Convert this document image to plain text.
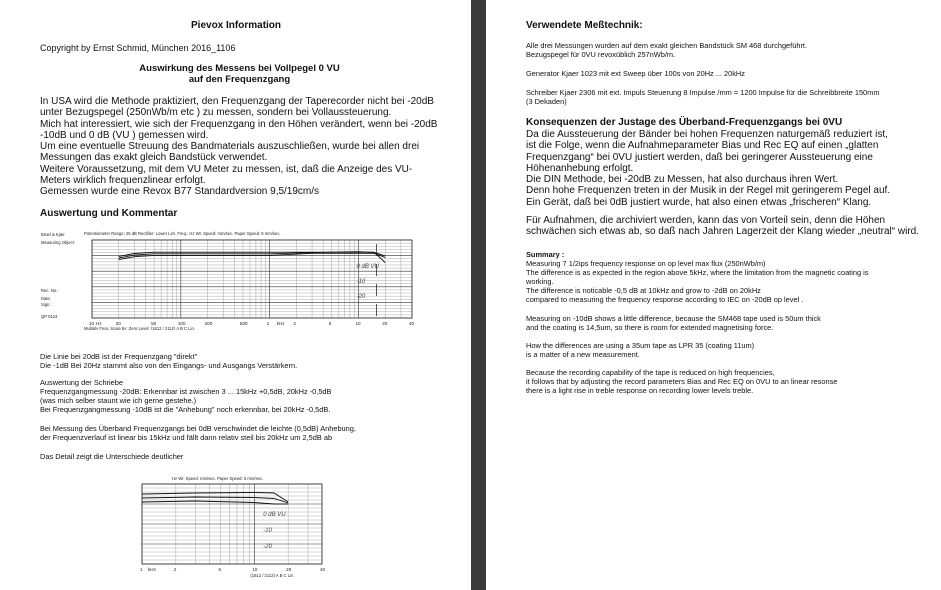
Pievox Information
Copyright by Ernst Schmid, München 2016_1106
Auswirkung des Messens bei Vollpegel 0 VU
auf den Frequenzgang
In USA wird die Methode praktiziert, den Frequenzgang der Taperecorder nicht bei -20dB
unter Bezugspegel (250nWb/m etc ) zu messen, sondern bei Vollaussteuerung.
Mich hat interessiert, wie sich der Frequenzgang in den Höhen verändert, wenn bei -20dB
-10dB und 0 dB (VU ) gemessen wird.
Um eine eventuelle Streuung des Bandmaterials auszuschließen, wurde bei allen drei
Messungen das exakt gleich Bandstück verwendet.
Weitere Voraussetzung, mit dem VU Meter zu messen, ist, daß die Anzeige des VU-
Meters wirklich frequenzlinear erfolgt.
Gemessen wurde eine Revox B77 Standardversion 9,5/19cm/s
Auswertung und Kommentar
Potentiometer Range: 25 dB Rectifier: Lower Lim. Freq.: Hz Wr. Speed: mm/sec. Paper Speed: 5 mm/sec.
Brüel & Kjær
Measuring Object:
Rec. No.:
Date:
Sign.:
QP 0124
10 Hz	20	50	100	200	500	1 kHz 2	5	10	20	40
Multiply Freq. Scale by: Zero Level: (1612 / 2112) A B C Lin.
0 dB VU
-10
-20
Die Linie bei 20dB ist der Frequenzgang "direkt"
Die -1dB Bei 20Hz stammt also von den Eingangs- und Ausgangs Verstärkern.
Auswertung der Schriebe
Frequenzgangmessung -20dB: Erkennbar ist zwischen 3 ... 15kHz +0,5dB, 20kHz -0,5dB
(was mich selber staunt wie ich gerne gestehe.)
Bei Frequenzgangmessung -10dB ist die "Anhebung" noch erkennbar, bei 20kHz -0,5dB.
Bei Messung des Überband Frequenzgangs bei 0dB verschwindet die leichte (0,5dB) Anhebung,
der Frequenzverlauf ist linear bis 15kHz und fällt dann relativ steil bis 20kHz um 2,5dB ab
Das Detail zeigt die Unterschiede deutlicher
Hz Wr. Speed: mm/sec. Paper Speed: 5 mm/sec.
1 kHz	2	5	10	20	40
(1612 / 2112) A B C Lin.
0 dB VU
-10
-20
Verwendete Meßtechnik:
Alle drei Messungen wurden auf dem exakt gleichen Bandstück SM 468 durchgeführt.
Bezugspegel für 0VU revoxüblich 257nWb/m.
Generator Kjaer 1023 mit ext Sweep über 100s von 20Hz ... 20kHz
Schreiber Kjaer 2306 mit ext. Impuls Steuerung 8 Impulse /mm = 1200 Impulse für die Schreibbreite 150mm
(3 Dekaden)
Konsequenzen der Justage des Überband-Frequenzgangs bei 0VU
Da die Aussteuerung der Bänder bei hohen Frequenzen naturgemäß reduziert ist,
ist die Folge, wenn die Aufnahmeparameter Bias und Rec EQ auf einen „glatten
Frequenzgang“ bei 0VU justiert werden, daß bei geringerer Aussteuerung eine
Höhenanhebung erfolgt.
Die DIN Methode, bei -20dB zu Messen, hat also durchaus ihren Wert.
Denn hohe Frequenzen treten in der Musik in der Regel mit geringerem Pegel auf.
Ein Gerät, daß bei 0dB justiert wurde, hat also einen etwas „frischeren“ Klang.
Für Aufnahmen, die archiviert werden, kann das von Vorteil sein, denn die Höhen
schwächen sich etwas ab, so daß nach Jahren Lagerzeit der Klang wieder „neutral“ wird.
Summary :
Measuring 7 1/2ips frequency response on op level max flux (250nWb/m)
The difference is as expected in the region above 5kHz, where the limitation from the magnetic coating is
working.
The difference is noticable -0,5 dB at 10kHz and grow to -2dB on 20kHz
compared to measuring the frequency response according to IEC on -20dB op level .
Measuring on -10dB shows a little difference, because the SM468 tape used is 50um thick
and the coating is 14,5um, so there is room for extended magnetising force.
How the differences are using a 35um tape as LPR 35 (coating 11um)
is a matter of a new measurement.
Because the recording capability of the tape is reduced on high frequencies,
it follows that by adjusting the record parameters Bias and Rec EQ on 0VU to an linear resonse
there is a light rise in treble response on recording lower levels treble.
